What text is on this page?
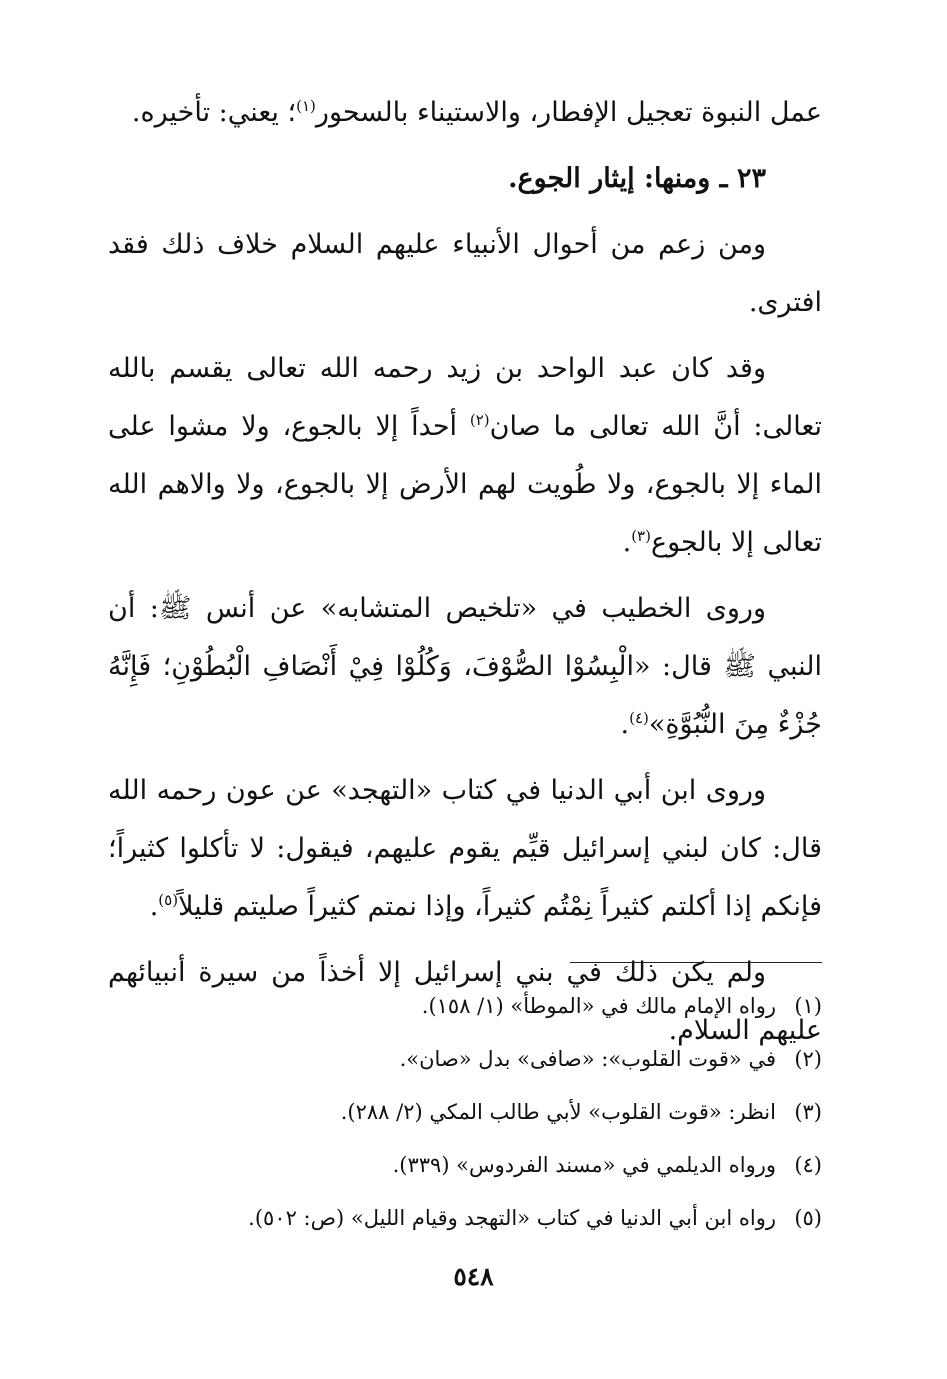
عمل النبوة تعجيل الإفطار، والاستيناء بالسحور$^{(١)}$؛ يعني: تأخيره.

٢٣ ـ ومنها: إيثار الجوع.

ومن زعم من أحوال الأنبياء عليهم السلام خلاف ذلك فقد افترى.

وقد كان عبد الواحد بن زيد رحمه الله تعالى يقسم بالله تعالى: أنَّ الله تعالى ما صان$^{(٢)}$ أحداً إلا بالجوع، ولا مشوا على الماء إلا بالجوع، ولا طُويت لهم الأرض إلا بالجوع، ولا والاهم الله تعالى إلا بالجوع$^{(٣)}$.

وروى الخطيب في «تلخيص المتشابه» عن أنس ﷺ: أن النبي ﷺ قال: «الْبِسُوْا الصُّوْفَ، وَكُلُوْا فِيْ أَنْصَافِ الْبُطُوْنِ؛ فَإِنَّهُ جُزْءٌ مِنَ النُّبُوَّةِ»$^{(٤)}$.

وروى ابن أبي الدنيا في كتاب «التهجد» عن عون رحمه الله قال: كان لبني إسرائيل قيِّم يقوم عليهم، فيقول: لا تأكلوا كثيراً؛ فإنكم إذا أكلتم كثيراً نِمْتُم كثيراً، وإذا نمتم كثيراً صليتم قليلاً$^{(٥)}$.

ولم يكن ذلك في بني إسرائيل إلا أخذاً من سيرة أنبيائهم عليهم السلام.

(١)رواه الإمام مالك في «الموطأ» (١/ ١٥٨).
(٢)في «قوت القلوب»: «صافى» بدل «صان».
(٣)انظر: «قوت القلوب» لأبي طالب المكي (٢/ ٢٨٨).
(٤)ورواه الديلمي في «مسند الفردوس» (٣٣٩).
(٥)رواه ابن أبي الدنيا في كتاب «التهجد وقيام الليل» (ص: ٥٠٢).
٥٤٨
